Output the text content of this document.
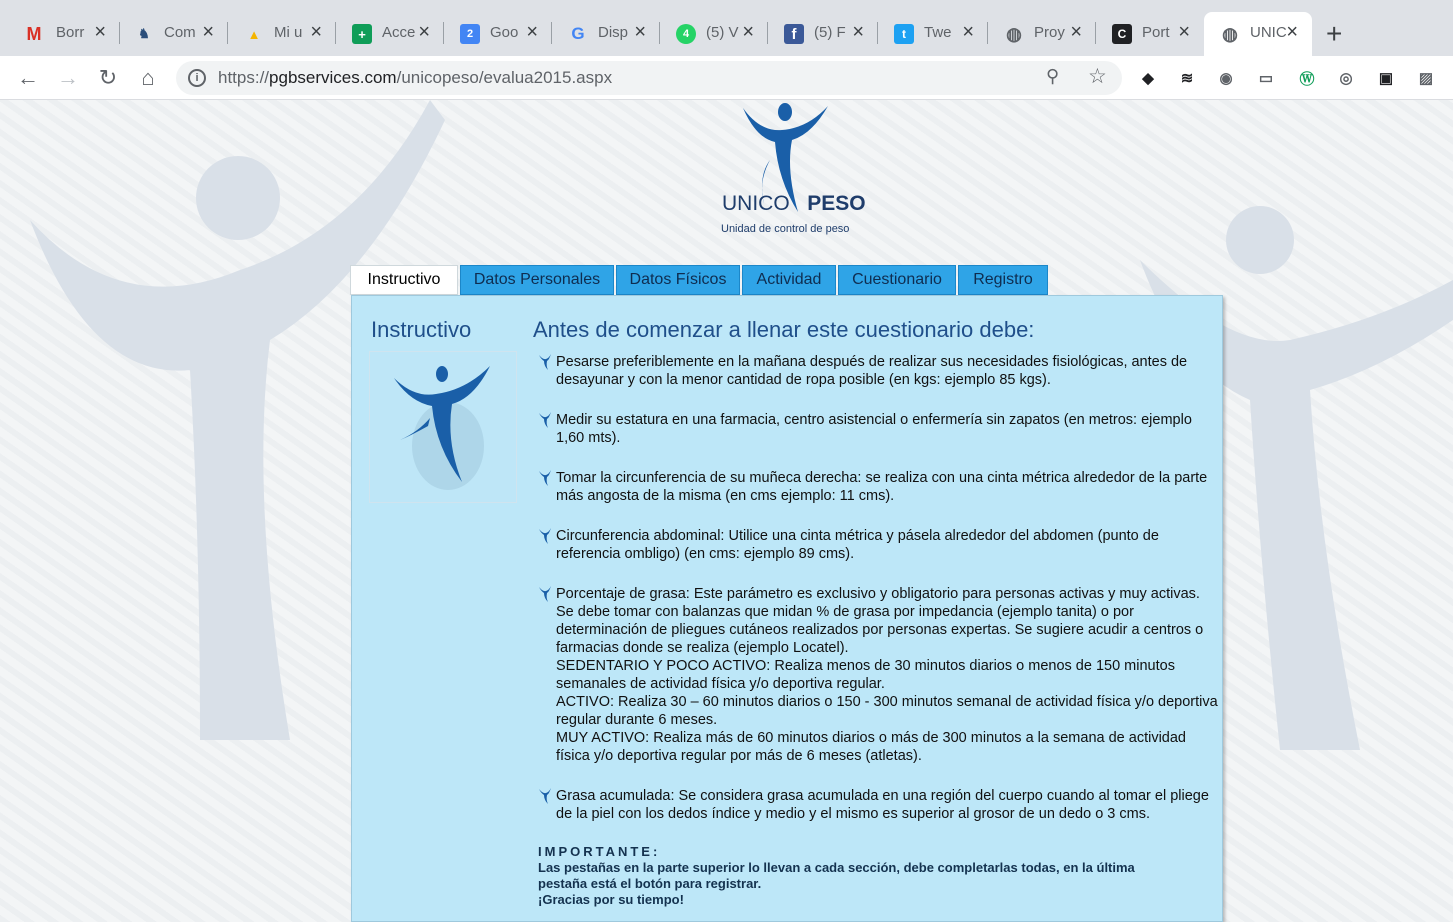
M Borr ×	♞ Com ×	▲ Mi u ×	+	Acce ×	2	Goo × G Disp ×	4	(5) V ×	f	(5) F ×	t	Twe × ◍ Proy ×	C	Port × ◍ UNIC × +
← → ↻	⌂	i	https://pgbservices.com/unicopeso/evalua2015.aspx	⚲ ☆	◆	≋	◉	▭	Ⓦ	◎	▣	▨
UNICO PESO
Unidad de control de peso
Instructivo	Datos Personales	Datos Físicos	Actividad	Cuestionario	Registro
Instructivo	Antes de comenzar a llenar este cuestionario debe:
Pesarse preferiblemente en la mañana después de realizar sus necesidades fisiológicas, antes de desayunar y con la menor cantidad de ropa posible (en kgs: ejemplo 85 kgs).
Medir su estatura en una farmacia, centro asistencial o enfermería sin zapatos (en metros: ejemplo 1,60 mts).
Tomar la circunferencia de su muñeca derecha: se realiza con una cinta métrica alrededor de la parte más angosta de la misma (en cms ejemplo: 11 cms).
Circunferencia abdominal: Utilice una cinta métrica y pásela alrededor del abdomen (punto de referencia ombligo) (en cms: ejemplo 89 cms).
Porcentaje de grasa: Este parámetro es exclusivo y obligatorio para personas activas y muy activas. Se debe tomar con balanzas que midan % de grasa por impedancia (ejemplo tanita) o por determinación de pliegues cutáneos realizados por personas expertas. Se sugiere acudir a centros o farmacias donde se realiza (ejemplo Locatel).
SEDENTARIO Y POCO ACTIVO: Realiza menos de 30 minutos diarios o menos de 150 minutos semanales de actividad física y/o deportiva regular.
ACTIVO: Realiza 30 – 60 minutos diarios o 150 - 300 minutos semanal de actividad física y/o deportiva regular durante 6 meses.
MUY ACTIVO: Realiza más de 60 minutos diarios o más de 300 minutos a la semana de actividad física y/o deportiva regular por más de 6 meses (atletas).
Grasa acumulada: Se considera grasa acumulada en una región del cuerpo cuando al tomar el pliege de la piel con los dedos índice y medio y el mismo es superior al grosor de un dedo o 3 cms.
IMPORTANTE:
Las pestañas en la parte superior lo llevan a cada sección, debe completarlas todas, en la última
pestaña está el botón para registrar.
¡Gracias por su tiempo!
